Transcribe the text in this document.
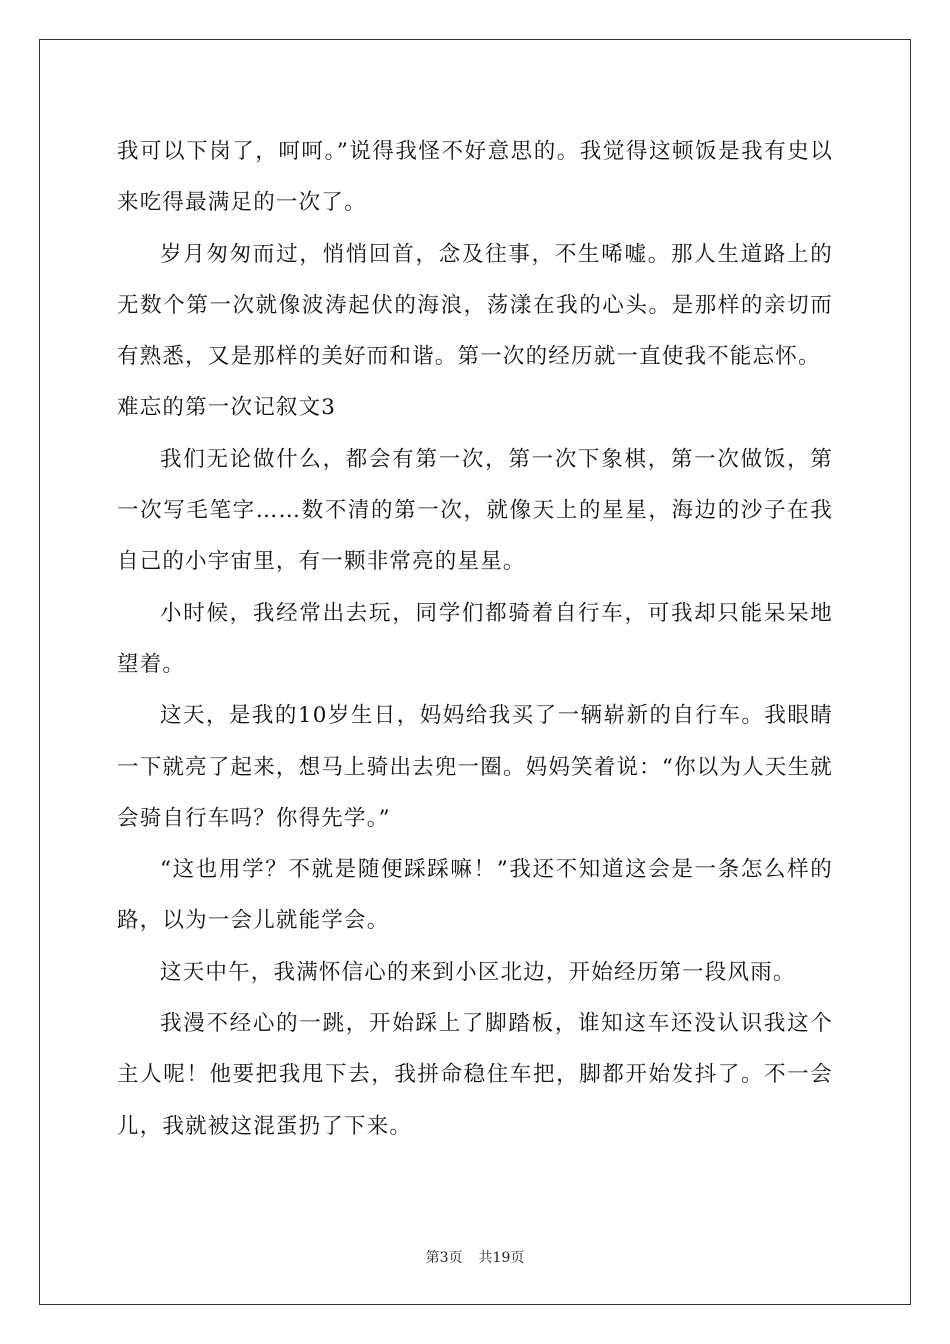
我可以下岗了，呵呵。”说得我怪不好意思的。我觉得这顿饭是我有史以来吃得最满足的一次了。

岁月匆匆而过，悄悄回首，念及往事，不生唏嘘。那人生道路上的无数个第一次就像波涛起伏的海浪，荡漾在我的心头。是那样的亲切而有熟悉，又是那样的美好而和谐。第一次的经历就一直使我不能忘怀。

难忘的第一次记叙文3

我们无论做什么，都会有第一次，第一次下象棋，第一次做饭，第一次写毛笔字……数不清的第一次，就像天上的星星，海边的沙子在我自己的小宇宙里，有一颗非常亮的星星。

小时候，我经常出去玩，同学们都骑着自行车，可我却只能呆呆地望着。

这天，是我的10岁生日，妈妈给我买了一辆崭新的自行车。我眼睛一下就亮了起来，想马上骑出去兜一圈。妈妈笑着说：“你以为人天生就会骑自行车吗？你得先学。”

“这也用学？不就是随便踩踩嘛！”我还不知道这会是一条怎么样的路，以为一会儿就能学会。

这天中午，我满怀信心的来到小区北边，开始经历第一段风雨。

我漫不经心的一跳，开始踩上了脚踏板，谁知这车还没认识我这个主人呢！他要把我甩下去，我拼命稳住车把，脚都开始发抖了。不一会儿，我就被这混蛋扔了下来。

第3页 共19页
